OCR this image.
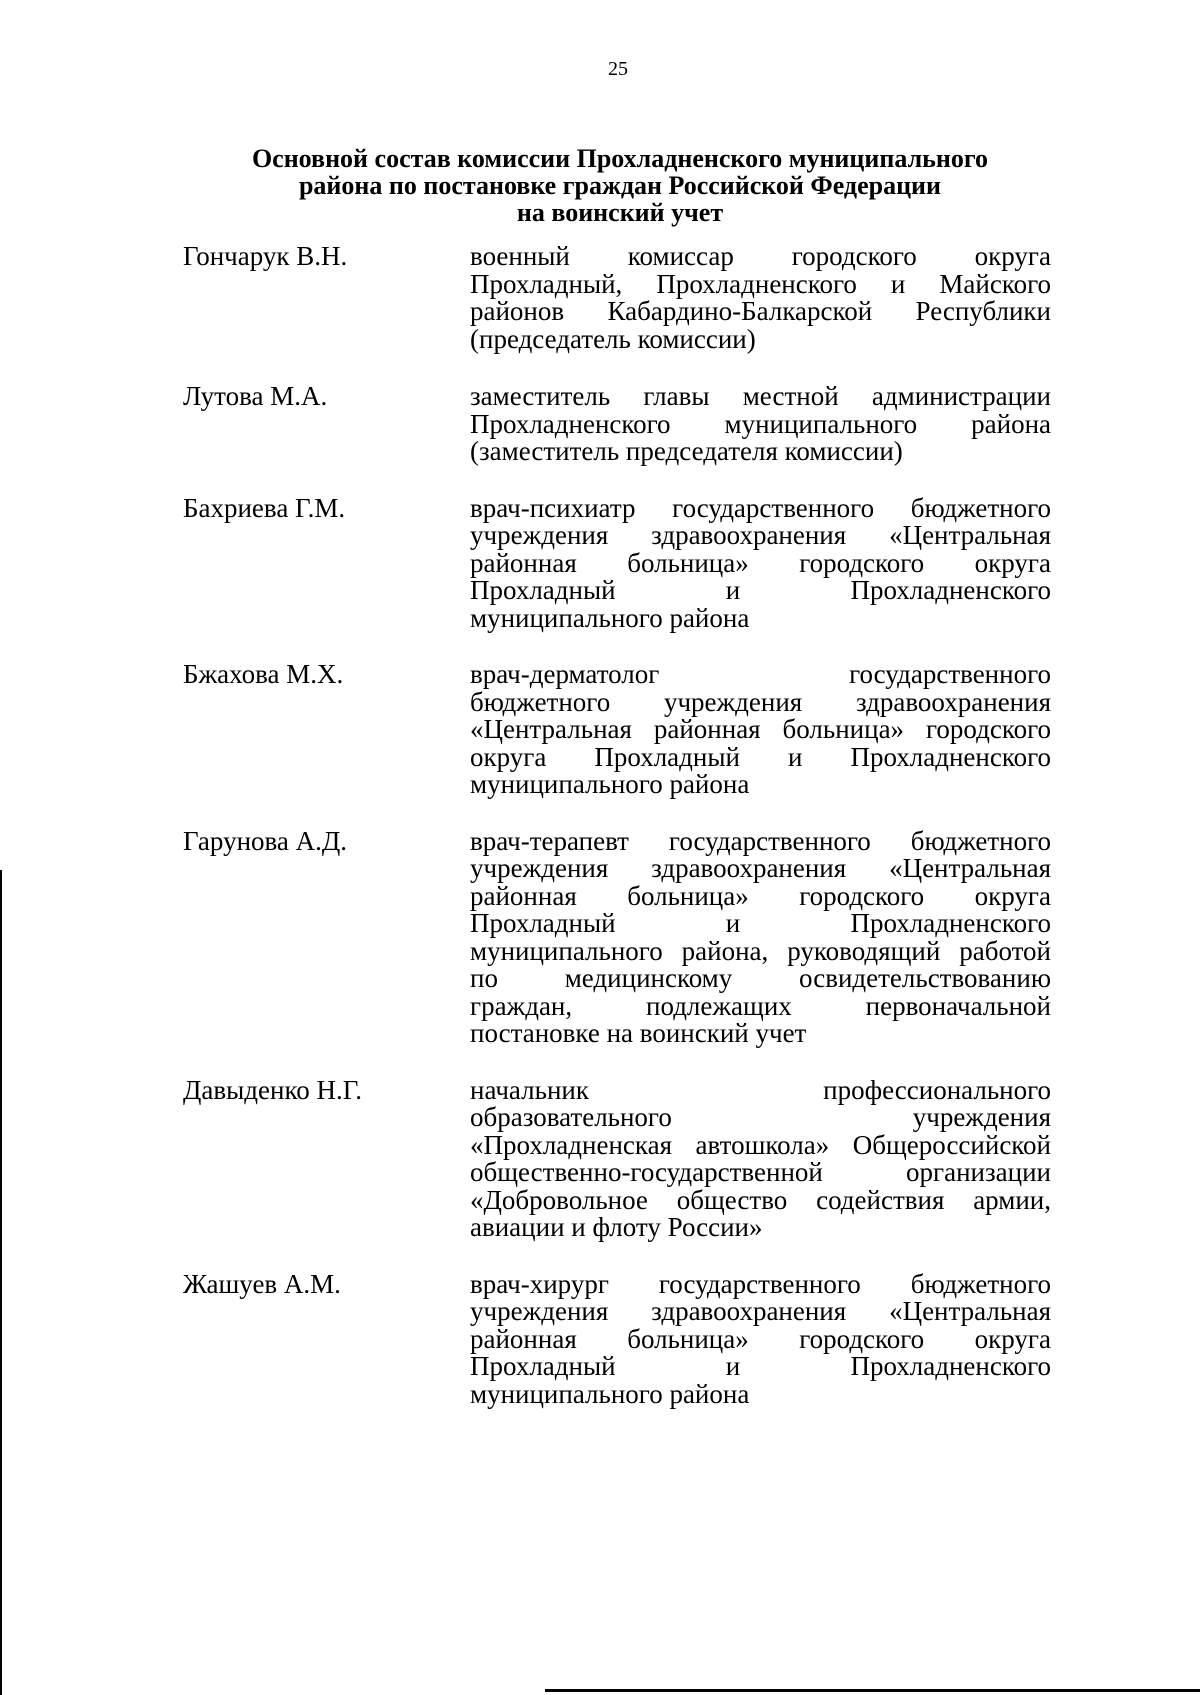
25
Основной состав комиссии Прохладненского муниципального
района по постановке граждан Российской Федерации
на воинский учет
Гончарук В.Н.	военный комиссар городского округа
Прохладный, Прохладненского и Майского
районов Кабардино-Балкарской Республики
(председатель комиссии)
Лутова М.А.	заместитель главы местной администрации
Прохладненского муниципального района
(заместитель председателя комиссии)
Бахриева Г.М.	врач-психиатр государственного бюджетного
учреждения здравоохранения «Центральная
районная больница» городского округа
Прохладный и Прохладненского
муниципального района
Бжахова М.Х.	врач-дерматолог государственного
бюджетного учреждения здравоохранения
«Центральная районная больница» городского
округа Прохладный и Прохладненского
муниципального района
Гарунова А.Д.	врач-терапевт государственного бюджетного
учреждения здравоохранения «Центральная
районная больница» городского округа
Прохладный и Прохладненского
муниципального района, руководящий работой
по медицинскому освидетельствованию
граждан, подлежащих первоначальной
постановке на воинский учет
Давыденко Н.Г.	начальник профессионального
образовательного учреждения
«Прохладненская автошкола» Общероссийской
общественно-государственной организации
«Добровольное общество содействия армии,
авиации и флоту России»
Жашуев А.М.	врач-хирург государственного бюджетного
учреждения здравоохранения «Центральная
районная больница» городского округа
Прохладный и Прохладненского
муниципального района
